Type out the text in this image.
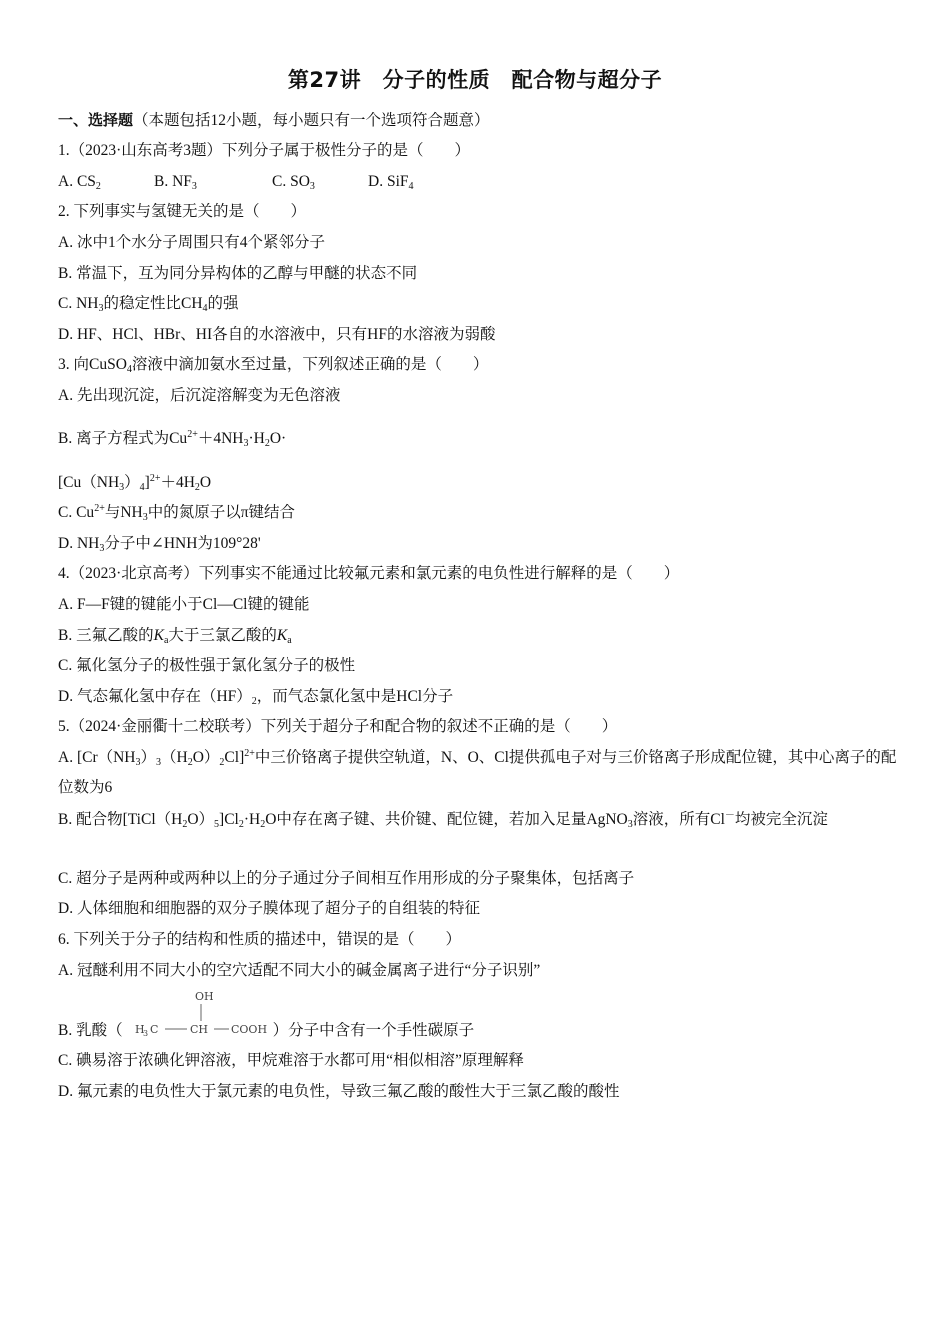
第27讲　分子的性质　配合物与超分子
一、选择题（本题包括12小题，每小题只有一个选项符合题意）
1.（2023·山东高考3题）下列分子属于极性分子的是（　　）
A. $CS_2$	B. $NF_3$	C. $SO_3$	D. SiF$_4$
2. 下列事实与氢键无关的是（　　）
A. 冰中1个水分子周围只有4个紧邻分子
B. 常温下，互为同分异构体的乙醇与甲醚的状态不同
C. $NH_3$的稳定性比$CH_4$的强
D. HF、HCl、HBr、HI各自的水溶液中，只有HF的水溶液为弱酸
3. 向CuSO$_4$溶液中滴加氨水至过量，下列叙述正确的是（　　）
A. 先出现沉淀，后沉淀溶解变为无色溶液
B. 离子方程式为$Cu^{2+}+4NH_3\cdot H_2O\cdot$
$[Cu(NH_3)_4]^{2+}+4H_2O$
C. $Cu^{2+}$与$NH_3$中的氮原子以π键结合
D. $NH_3$分子中∠HNH为109°28'
4.（2023·北京高考）下列事实不能通过比较氟元素和氯元素的电负性进行解释的是（　　）
A. F—F键的键能小于Cl—Cl键的键能
B. 三氟乙酸的$K_a$大于三氯乙酸的$K_a$
C. 氟化氢分子的极性强于氯化氢分子的极性
D. 气态氟化氢中存在$(HF)_2$，而气态氯化氢中是HCl分子
5.（2024·金丽衢十二校联考）下列关于超分子和配合物的叙述不正确的是（　　）
A. $[Cr(NH_3)_3(H_2O)_2Cl]^{2+}$中三价铬离子提供空轨道，N、O、Cl提供孤电子对与三价铬离子形成配位键，其中心离子的配位数为6
B. 配合物$[TiCl(H_2O)_5]Cl_2\cdot H_2O$中存在离子键、共价键、配位键，若加入足量AgNO$_3$溶液，所有Cl－均被完全沉淀
C. 超分子是两种或两种以上的分子通过分子间相互作用形成的分子聚集体，包括离子
D. 人体细胞和细胞器的双分子膜体现了超分子的自组装的特征
6. 下列关于分子的结构和性质的描述中，错误的是（　　）
A. 冠醚利用不同大小的空穴适配不同大小的碱金属离子进行“分子识别”
B. 乳酸（
OH
H
3 C	CH COOH ）分子中含有一个手性碳原子
C. 碘易溶于浓碘化钾溶液，甲烷难溶于水都可用“相似相溶”原理解释
D. 氟元素的电负性大于氯元素的电负性，导致三氟乙酸的酸性大于三氯乙酸的酸性
